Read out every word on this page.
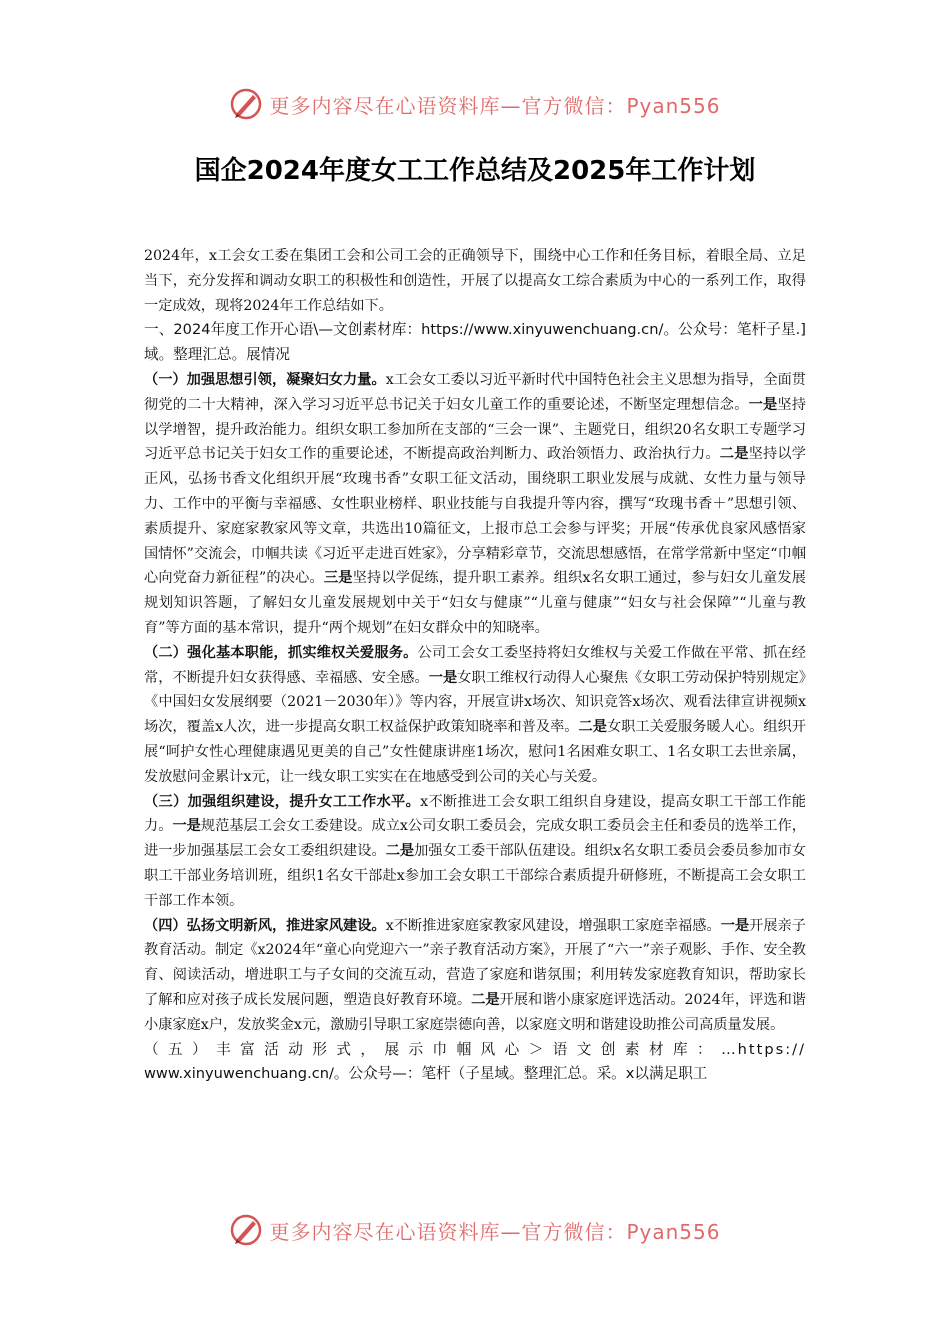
更多内容尽在心语资料库—官方微信：Pyan556
国企2024年度女工工作总结及2025年工作计划

2024年，x工会女工委在集团工会和公司工会的正确领导下，围绕中心工作和任务目标，着眼全局、立足当下，充分发挥和调动女职工的积极性和创造性，开展了以提高女工综合素质为中心的一系列工作，取得一定成效，现将2024年工作总结如下。

一、2024年度工作开心语\—文创素材库：https://www.xinyuwenchuang.cn/。公众号：笔杆子星.]域。整理汇总。展情况

（一）加强思想引领，凝聚妇女力量。x工会女工委以习近平新时代中国特色社会主义思想为指导，全面贯彻党的二十大精神，深入学习习近平总书记关于妇女儿童工作的重要论述，不断坚定理想信念。一是坚持以学增智，提升政治能力。组织女职工参加所在支部的“三会一课”、主题党日，组织20名女职工专题学习习近平总书记关于妇女工作的重要论述，不断提高政治判断力、政治领悟力、政治执行力。二是坚持以学正风，弘扬书香文化组织开展“玫瑰书香”女职工征文活动，围绕职工职业发展与成就、女性力量与领导力、工作中的平衡与幸福感、女性职业榜样、职业技能与自我提升等内容，撰写“玫瑰书香＋”思想引领、素质提升、家庭家教家风等文章，共选出10篇征文，上报市总工会参与评奖；开展“传承优良家风感悟家国情怀”交流会，巾帼共读《习近平走进百姓家》，分享精彩章节，交流思想感悟，在常学常新中坚定“巾帼心向党奋力新征程”的决心。三是坚持以学促练，提升职工素养。组织x名女职工通过，参与妇女儿童发展规划知识答题，了解妇女儿童发展规划中关于“妇女与健康”“儿童与健康”“妇女与社会保障”“儿童与教育”等方面的基本常识，提升“两个规划”在妇女群众中的知晓率。

（二）强化基本职能，抓实维权关爱服务。公司工会女工委坚持将妇女维权与关爱工作做在平常、抓在经常，不断提升妇女获得感、幸福感、安全感。一是女职工维权行动得人心聚焦《女职工劳动保护特别规定》《中国妇女发展纲要（2021－2030年）》等内容，开展宣讲x场次、知识竞答x场次、观看法律宣讲视频x场次，覆盖x人次，进一步提高女职工权益保护政策知晓率和普及率。二是女职工关爱服务暖人心。组织开展“呵护女性心理健康遇见更美的自己”女性健康讲座1场次，慰问1名困难女职工、1名女职工去世亲属，发放慰问金累计x元，让一线女职工实实在在地感受到公司的关心与关爱。

（三）加强组织建设，提升女工工作水平。x不断推进工会女职工组织自身建设，提高女职工干部工作能力。一是规范基层工会女工委建设。成立x公司女职工委员会，完成女职工委员会主任和委员的选举工作，进一步加强基层工会女工委组织建设。二是加强女工委干部队伍建设。组织x名女职工委员会委员参加市女职工干部业务培训班，组织1名女干部赴x参加工会女职工干部综合素质提升研修班，不断提高工会女职工干部工作本领。

（四）弘扬文明新风，推进家风建设。x不断推进家庭家教家风建设，增强职工家庭幸福感。一是开展亲子教育活动。制定《x2024年“童心向党迎六一”亲子教育活动方案》，开展了“六一”亲子观影、手作、安全教育、阅读活动，增进职工与子女间的交流互动，营造了家庭和谐氛围；利用转发家庭教育知识，帮助家长了解和应对孩子成长发展问题，塑造良好教育环境。二是开展和谐小康家庭评选活动。2024年，评选和谐小康家庭x户，发放奖金x元，激励引导职工家庭崇德向善，以家庭文明和谐建设助推公司高质量发展。

（五）丰富活动形式，展示巾帼风心＞语文创素材库：…https://

www.xinyuwenchuang.cn/。公众号—：笔杆（子星域。整理汇总。采。x以满足职工

更多内容尽在心语资料库—官方微信：Pyan556
